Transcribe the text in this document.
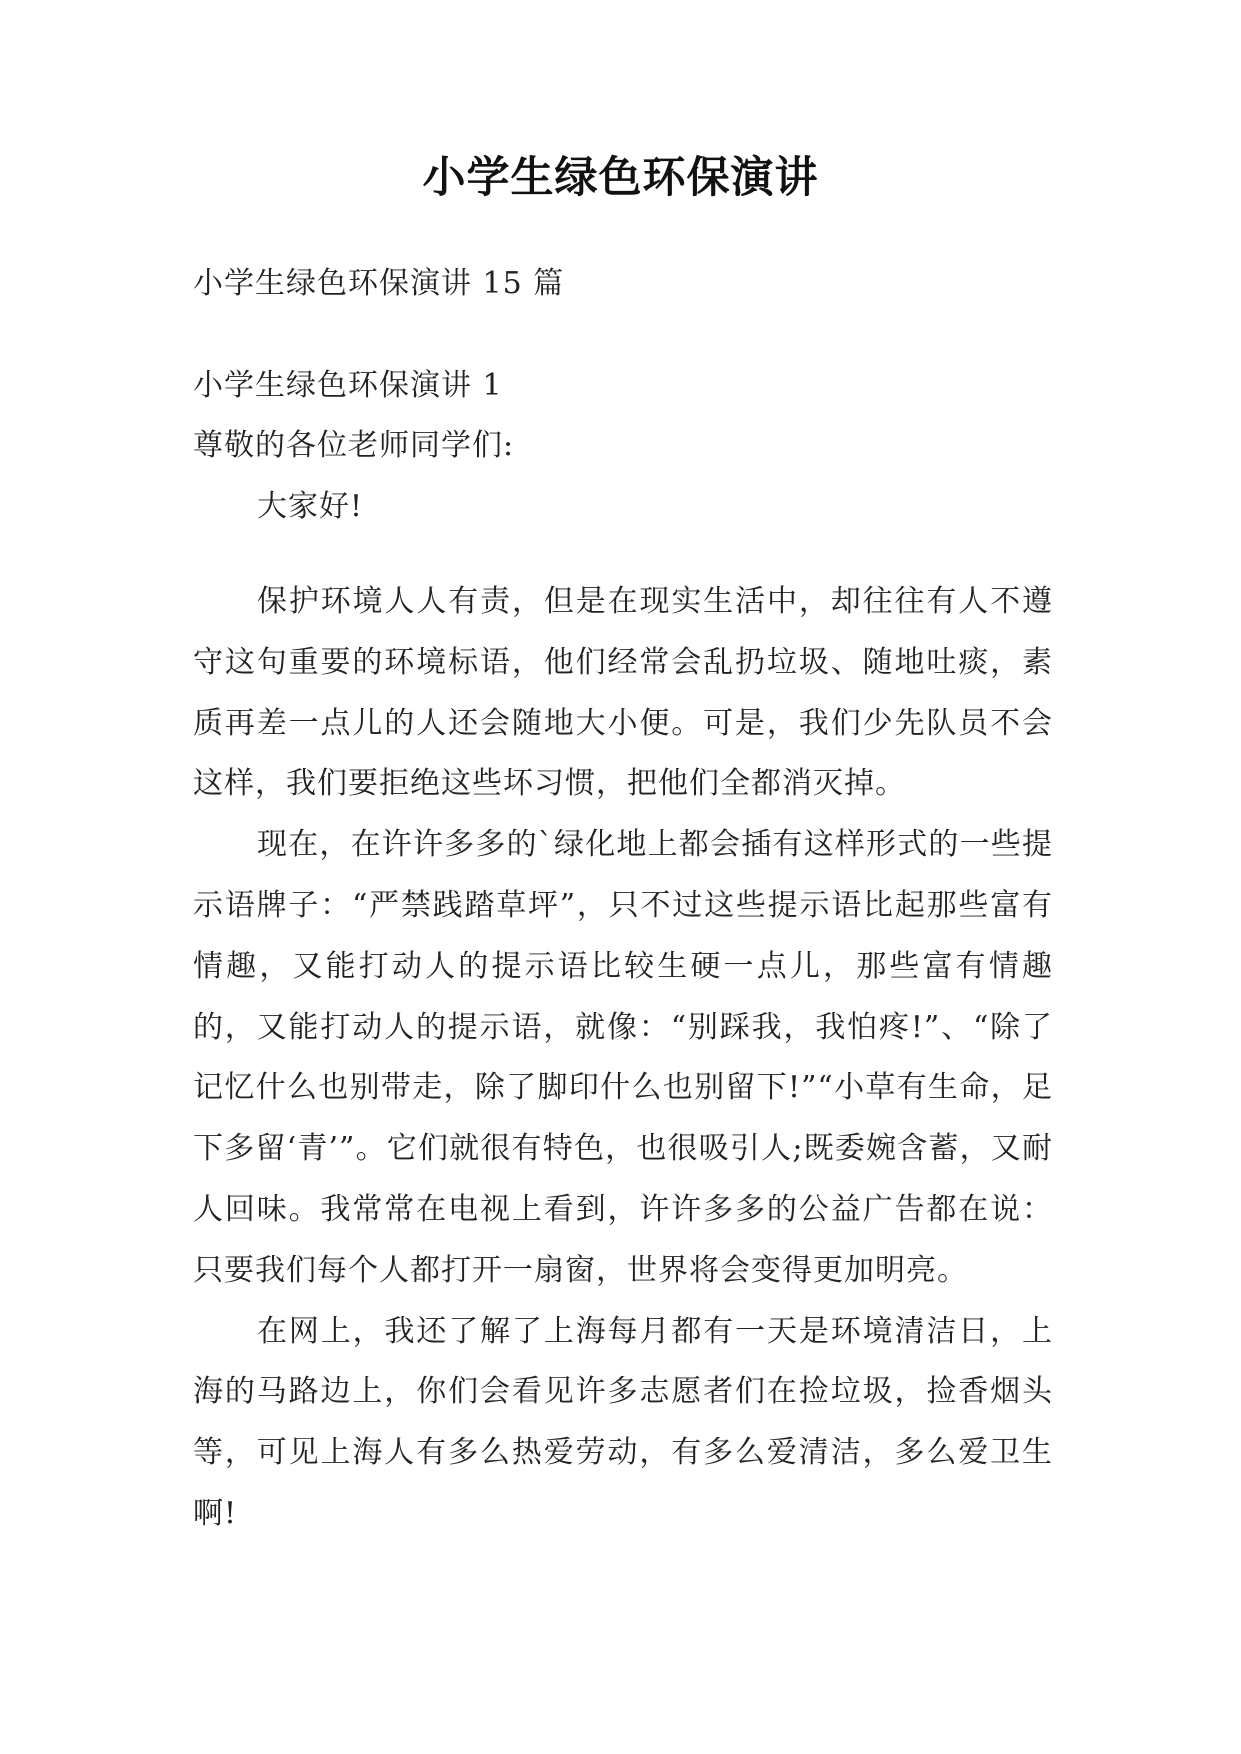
小学生绿色环保演讲

小学生绿色环保演讲 15 篇

小学生绿色环保演讲 1

尊敬的各位老师同学们:

大家好!

保护环境人人有责，但是在现实生活中，却往往有人不遵守这句重要的环境标语，他们经常会乱扔垃圾、随地吐痰，素质再差一点儿的人还会随地大小便。可是，我们少先队员不会这样，我们要拒绝这些坏习惯，把他们全都消灭掉。

现在，在许许多多的`绿化地上都会插有这样形式的一些提示语牌子：“严禁践踏草坪”，只不过这些提示语比起那些富有情趣，又能打动人的提示语比较生硬一点儿，那些富有情趣的，又能打动人的提示语，就像：“别踩我，我怕疼!”、“除了记忆什么也别带走，除了脚印什么也别留下!”“小草有生命，足下多留‘青’”。它们就很有特色，也很吸引人;既委婉含蓄，又耐人回味。我常常在电视上看到，许许多多的公益广告都在说：只要我们每个人都打开一扇窗，世界将会变得更加明亮。

在网上，我还了解了上海每月都有一天是环境清洁日，上海的马路边上，你们会看见许多志愿者们在捡垃圾，捡香烟头等，可见上海人有多么热爱劳动，有多么爱清洁，多么爱卫生啊!
